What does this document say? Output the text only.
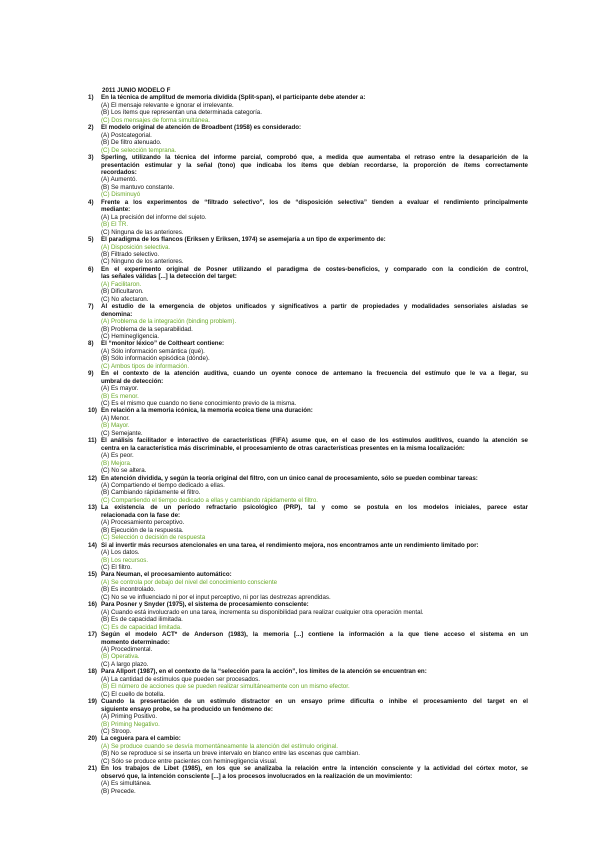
2011 JUNIO MODELO F
1)	En la técnica de amplitud de memoria dividida (Split-span), el participante debe atender a:
(A) El mensaje relevante e ignorar el irrelevante.
(B) Los ítems que representan una determinada categoría.
(C) Dos mensajes de forma simultánea.
2)	El modelo original de atención de Broadbent (1958) es considerado:
(A) Postcategorial.
(B) De filtro atenuado.
(C) De selección temprana.
3)	Sperling, utilizando la técnica del informe parcial, comprobó que, a medida que aumentaba el retraso entre la desaparición de la
presentación estimular y la señal (tono) que indicaba los ítems que debían recordarse, la proporción de ítems correctamente
recordados:
(A) Aumentó.
(B) Se mantuvo constante.
(C) Disminuyó
4)	Frente a los experimentos de “filtrado selectivo”, los de “disposición selectiva” tienden a evaluar el rendimiento principalmente
mediante:
(A) La precisión del informe del sujeto.
(B) El TR.
(C) Ninguna de las anteriores.
5)	El paradigma de los flancos (Eriksen y Eriksen, 1974) se asemejaría a un tipo de experimento de:
(A) Disposición selectiva.
(B) Filtrado selectivo.
(C) Ninguno de los anteriores.
6)	En el experimento original de Posner utilizando el paradigma de costes-beneficios, y comparado con la condición de control,
las señales válidas [...] la detección del target:
(A) Facilitaron.
(B) Dificultaron.
(C) No afectaron.
7)	Al estudio de la emergencia de objetos unificados y significativos a partir de propiedades y modalidades sensoriales aisladas se
denomina:
(A) Problema de la integración (binding problem).
(B) Problema de la separabilidad.
(C) Hemineglígencia.
8)	El “monitor léxico” de Coltheart contiene:
(A) Sólo información semántica (qué).
(B) Sólo información episódica (dónde).
(C) Ambos tipos de información.
9)	En el contexto de la atención auditiva, cuando un oyente conoce de antemano la frecuencia del estímulo que le va a llegar, su
umbral de detección:
(A) Es mayor.
(B) Es menor.
(C) Es el mismo que cuando no tiene conocimiento previo de la misma.
10) En relación a la memoria icónica, la memoria ecoica tiene una duración:
(A) Menor.
(B) Mayor.
(C) Semejante.
11) El análisis facilitador e interactivo de características (FIFA) asume que, en el caso de los estímulos auditivos, cuando la atención se
centra en la característica más discriminable, el procesamiento de otras características presentes en la misma localización:
(A) Es peor.
(B) Mejora.
(C) No se altera.
12) En atención dividida, y según la teoría original del filtro, con un único canal de procesamiento, sólo se pueden combinar tareas:
(A) Compartiendo el tiempo dedicado a ellas.
(B) Cambiando rápidamente el filtro.
(C) Compartiendo el tiempo dedicado a ellas y cambiando rápidamente el filtro.
13) La existencia de un período refractario psicológico (PRP), tal y como se postula en los modelos iniciales, parece estar
relacionada con la fase de:
(A) Procesamiento perceptivo.
(B) Ejecución de la respuesta.
(C) Selección o decisión de respuesta
14) Si al invertir más recursos atencionales en una tarea, el rendimiento mejora, nos encontramos ante un rendimiento limitado por:
(A) Los datos.
(B) Los recursos.
(C) El filtro.
15) Para Neuman, el procesamiento automático:
(A) Se controla por debajo del nivel del conocimiento consciente
(B) Es incontrolado.
(C) No se ve influenciado ni por el input perceptivo, ni por las destrezas aprendidas.
16) Para Posner y Snyder (1975), el sistema de procesamiento consciente:
(A) Cuando está involucrado en una tarea, incrementa su disponibilidad para realizar cualquier otra operación mental.
(B) Es de capacidad ilimitada.
(C) Es de capacidad limitada.
17) Según el modelo ACT* de Anderson (1983), la memoria [...] contiene la información a la que tiene acceso el sistema en un
momento determinado:
(A) Procedimental.
(B) Operativa.
(C) A largo plazo.
18) Para Allport (1987), en el contexto de la “selección para la acción”, los límites de la atención se encuentran en:
(A) La cantidad de estímulos que pueden ser procesados.
(B) El número de acciones que se pueden realizar simultáneamente con un mismo efector.
(C) El cuello de botella.
19) Cuando la presentación de un estímulo distractor en un ensayo prime dificulta o inhibe el procesamiento del target en el
siguiente ensayo probe, se ha producido un fenómeno de:
(A) Priming Positivo.
(B) Priming Negativo.
(C) Stroop.
20) La ceguera para el cambio:
(A) Se produce cuando se desvía momentáneamente la atención del estímulo original.
(B) No se reproduce si se inserta un breve intervalo en blanco entre las escenas que cambian.
(C) Sólo se produce entre pacientes con heminegligencia visual.
21) En los trabajos de Libet (1985), en los que se analizaba la relación entre la intención consciente y la actividad del córtex motor, se
observó que, la intención consciente [...] a los procesos involucrados en la realización de un movimiento:
(A) Es simultánea.
(B) Precede.
